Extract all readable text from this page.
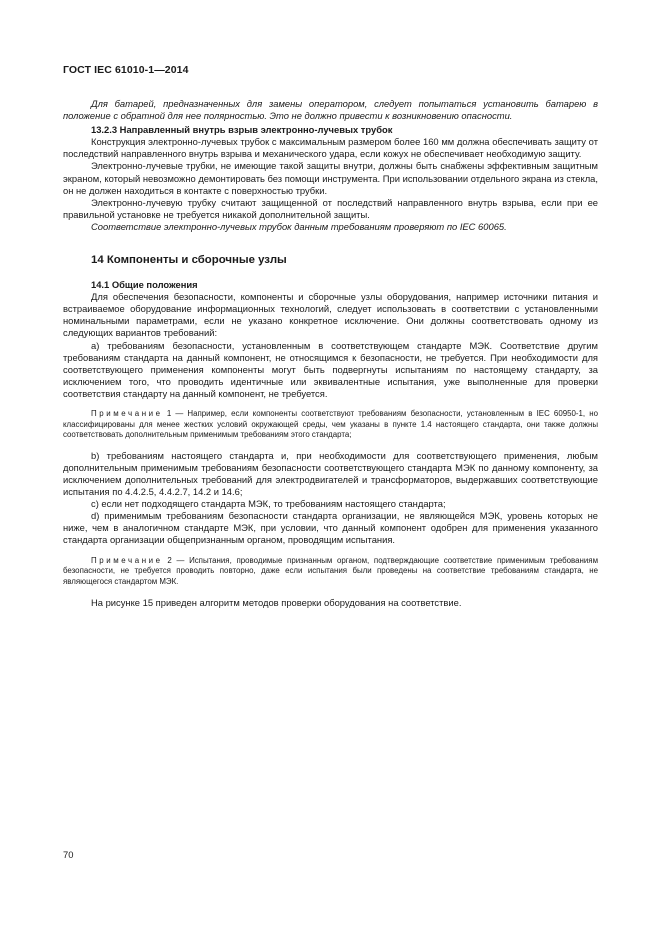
ГОСТ IEC 61010-1—2014

Для батарей, предназначенных для замены оператором, следует попытаться установить батарею в положение с обратной для нее полярностью. Это не должно привести к возникновению опасности.

13.2.3 Направленный внутрь взрыв электронно-лучевых трубок

Конструкция электронно-лучевых трубок с максимальным размером более 160 мм должна обеспечивать защиту от последствий направленного внутрь взрыва и механического удара, если кожух не обеспечивает необходимую защиту.

Электронно-лучевые трубки, не имеющие такой защиты внутри, должны быть снабжены эффективным защитным экраном, который невозможно демонтировать без помощи инструмента. При использовании отдельного экрана из стекла, он не должен находиться в контакте с поверхностью трубки.

Электронно-лучевую трубку считают защищенной от последствий направленного внутрь взрыва, если при ее правильной установке не требуется никакой дополнительной защиты.

Соответствие электронно-лучевых трубок данным требованиям проверяют по IEC 60065.

14 Компоненты и сборочные узлы

14.1 Общие положения

Для обеспечения безопасности, компоненты и сборочные узлы оборудования, например источники питания и встраиваемое оборудование информационных технологий, следует использовать в соответствии с установленными номинальными параметрами, если не указано конкретное исключение. Они должны соответствовать одному из следующих вариантов требований:

а) требованиям безопасности, установленным в соответствующем стандарте МЭК. Соответствие другим требованиям стандарта на данный компонент, не относящимся к безопасности, не требуется. При необходимости для соответствующего применения компоненты могут быть подвергнуты испытаниям по настоящему стандарту, за исключением того, что проводить идентичные или эквивалентные испытания, уже выполненные для проверки соответствия стандарту на данный компонент, не требуется.

Примечание 1 — Например, если компоненты соответствуют требованиям безопасности, установленным в IEC 60950-1, но классифицированы для менее жестких условий окружающей среды, чем указаны в пункте 1.4 настоящего стандарта, они также должны соответствовать дополнительным применимым требованиям этого стандарта;

b) требованиям настоящего стандарта и, при необходимости для соответствующего применения, любым дополнительным применимым требованиям безопасности соответствующего стандарта МЭК по данному компоненту, за исключением дополнительных требований для электродвигателей и трансформаторов, выдержавших соответствующие испытания по 4.4.2.5, 4.4.2.7, 14.2 и 14.6;

c) если нет подходящего стандарта МЭК, то требованиям настоящего стандарта;

d) применимым требованиям безопасности стандарта организации, не являющейся МЭК, уровень которых не ниже, чем в аналогичном стандарте МЭК, при условии, что данный компонент одобрен для применения указанного стандарта организации общепризнанным органом, проводящим испытания.

Примечание 2 — Испытания, проводимые признанным органом, подтверждающие соответствие применимым требованиям безопасности, не требуется проводить повторно, даже если испытания были проведены на соответствие требованиям стандарта, не являющегося стандартом МЭК.

На рисунке 15 приведен алгоритм методов проверки оборудования на соответствие.

70
